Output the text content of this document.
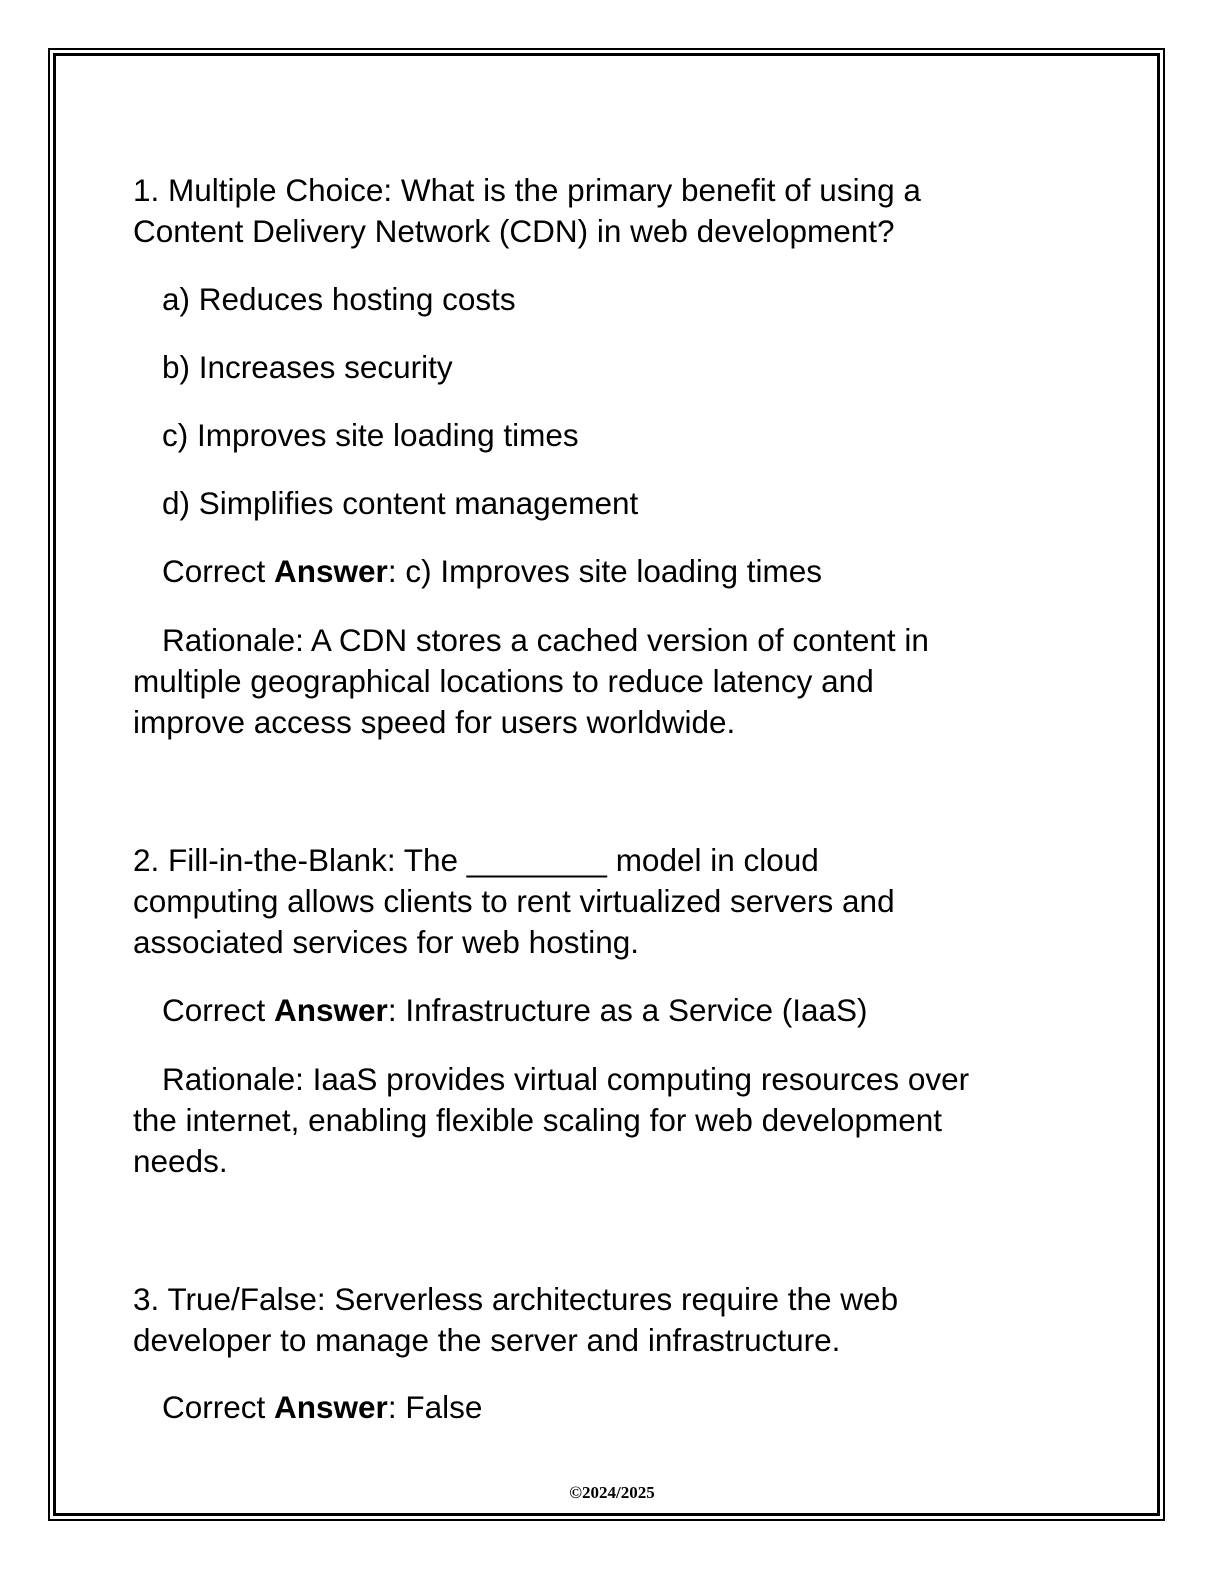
1. Multiple Choice: What is the primary benefit of using a
Content Delivery Network (CDN) in web development?
a) Reduces hosting costs
b) Increases security
c) Improves site loading times
d) Simplifies content management
Correct Answer: c) Improves site loading times
Rationale: A CDN stores a cached version of content in
multiple geographical locations to reduce latency and
improve access speed for users worldwide.
2. Fill-in-the-Blank: The ________ model in cloud
computing allows clients to rent virtualized servers and
associated services for web hosting.
Correct Answer: Infrastructure as a Service (IaaS)
Rationale: IaaS provides virtual computing resources over
the internet, enabling flexible scaling for web development
needs.
3. True/False: Serverless architectures require the web
developer to manage the server and infrastructure.
Correct Answer: False
©2024/2025
